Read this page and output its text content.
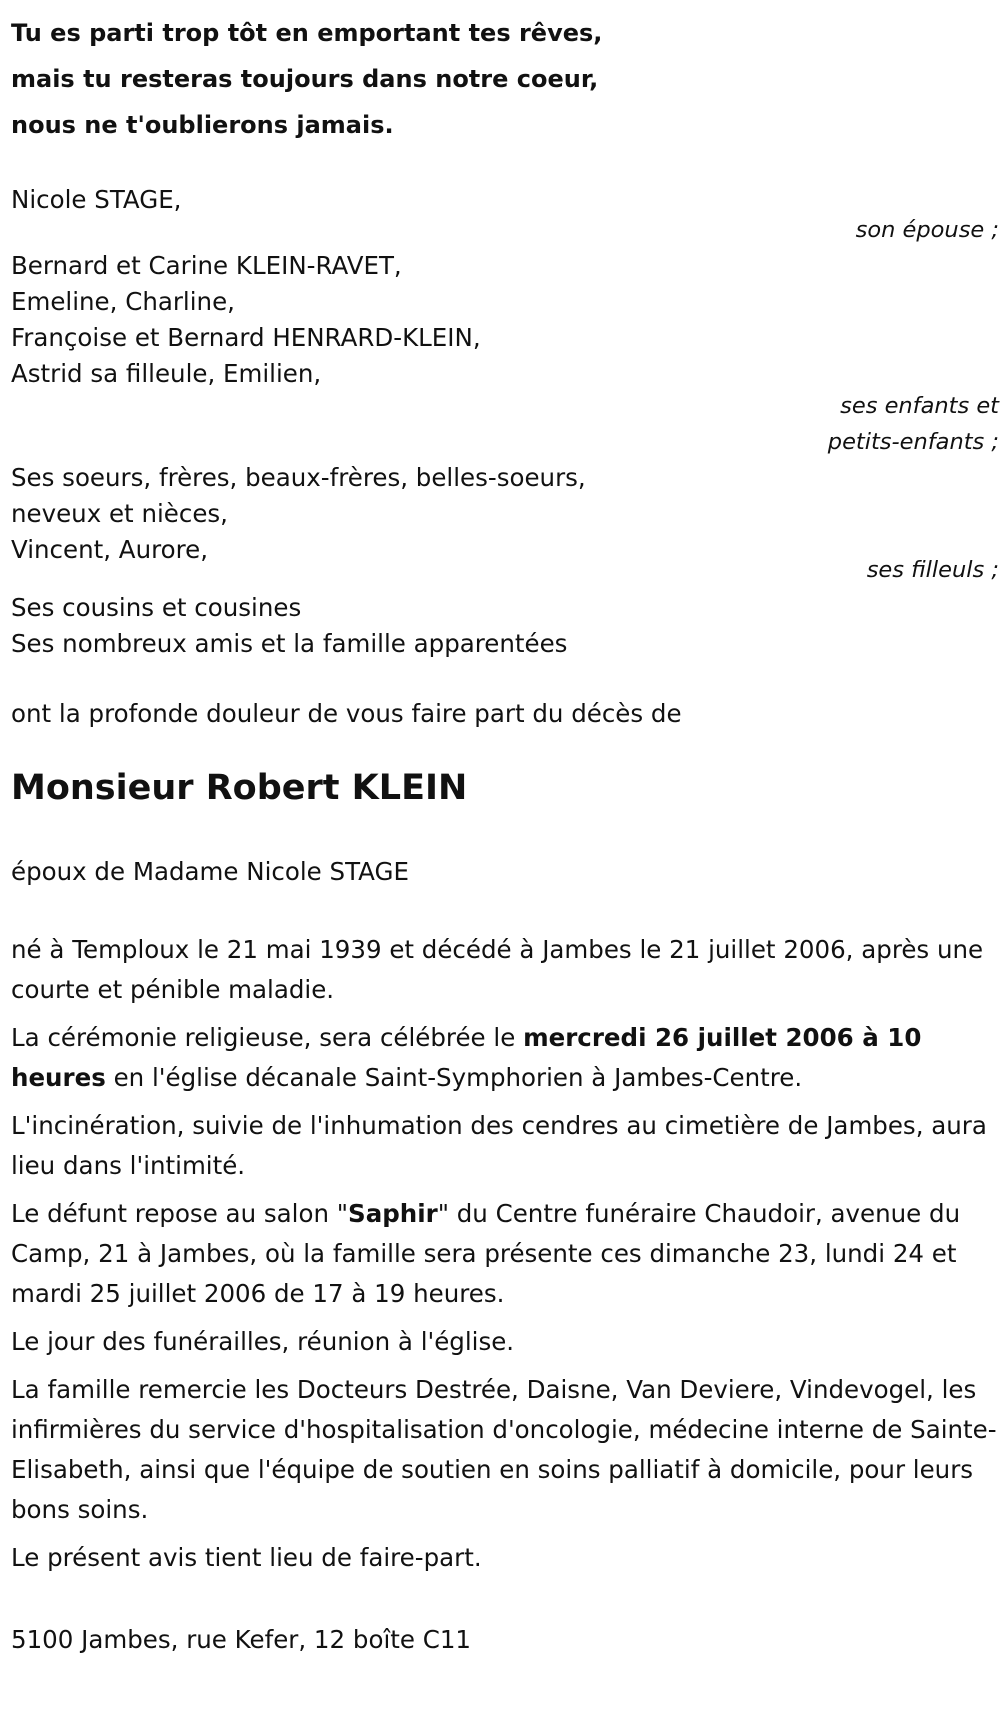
Tu es parti trop tôt en emportant tes rêves,

mais tu resteras toujours dans notre coeur,

nous ne t'oublierons jamais.

Nicole STAGE,
son épouse ;
Bernard et Carine KLEIN-RAVET,
Emeline, Charline,
Françoise et Bernard HENRARD-KLEIN,
Astrid sa filleule, Emilien,
ses enfants et
petits-enfants ;
Ses soeurs, frères, beaux-frères, belles-soeurs,
neveux et nièces,
Vincent, Aurore,
ses filleuls ;
Ses cousins et cousines
Ses nombreux amis et la famille apparentées
ont la profonde douleur de vous faire part du décès de
Monsieur Robert KLEIN
époux de Madame Nicole STAGE

né à Temploux le 21 mai 1939 et décédé à Jambes le 21 juillet 2006, après une courte et pénible maladie.

La cérémonie religieuse, sera célébrée le mercredi 26 juillet 2006 à 10 heures en l'église décanale Saint-Symphorien à Jambes-Centre.

L'incinération, suivie de l'inhumation des cendres au cimetière de Jambes, aura lieu dans l'intimité.

Le défunt repose au salon "Saphir" du Centre funéraire Chaudoir, avenue du Camp, 21 à Jambes, où la famille sera présente ces dimanche 23, lundi 24 et mardi 25 juillet 2006 de 17 à 19 heures.

Le jour des funérailles, réunion à l'église.

La famille remercie les Docteurs Destrée, Daisne, Van Deviere, Vindevogel, les infirmières du service d'hospitalisation d'oncologie, médecine interne de Sainte-Elisabeth, ainsi que l'équipe de soutien en soins palliatif à domicile, pour leurs bons soins.

Le présent avis tient lieu de faire-part.

5100 Jambes, rue Kefer, 12 boîte C11
